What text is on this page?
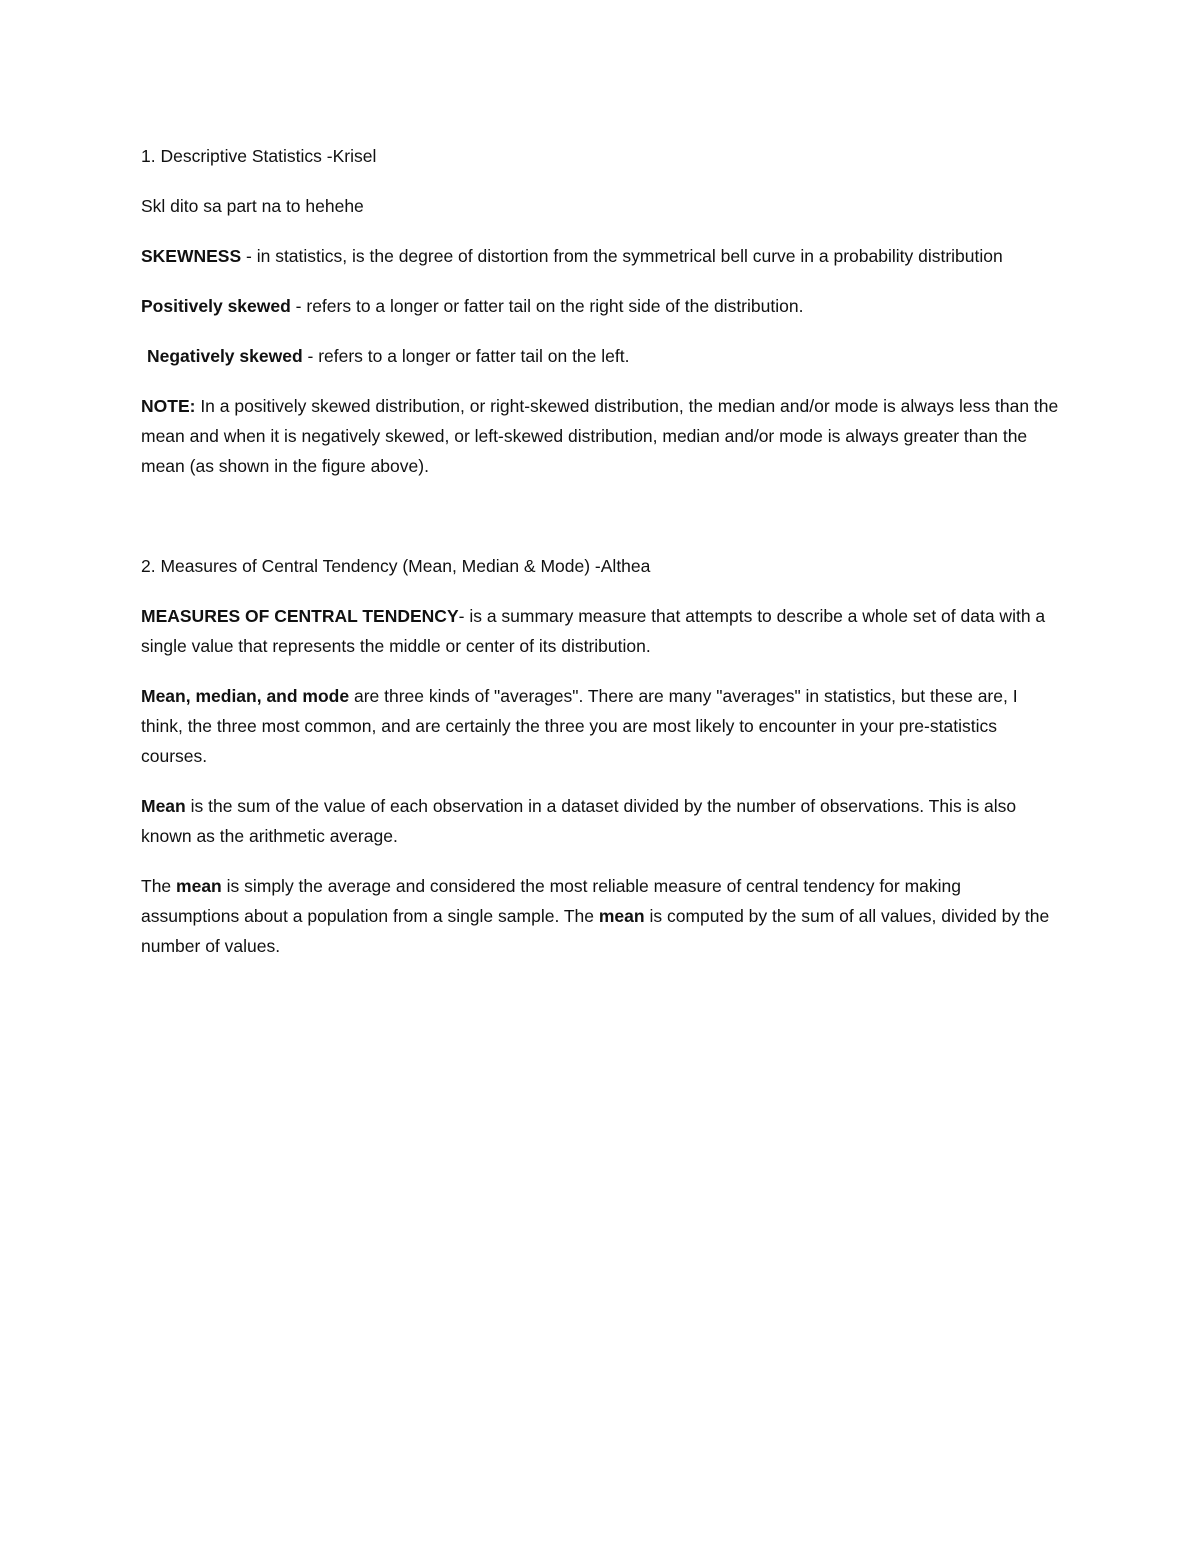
1. Descriptive Statistics -Krisel

Skl dito sa part na to hehehe

SKEWNESS - in statistics, is the degree of distortion from the symmetrical bell curve in a probability distribution

Positively skewed - refers to a longer or fatter tail on the right side of the distribution.

Negatively skewed - refers to a longer or fatter tail on the left.

NOTE: In a positively skewed distribution, or right-skewed distribution, the median and/or mode is always less than the mean and when it is negatively skewed, or left-skewed distribution, median and/or mode is always greater than the mean (as shown in the figure above).

2. Measures of Central Tendency (Mean, Median & Mode) -Althea

MEASURES OF CENTRAL TENDENCY- is a summary measure that attempts to describe a whole set of data with a single value that represents the middle or center of its distribution.

Mean, median, and mode are three kinds of "averages". There are many "averages" in statistics, but these are, I think, the three most common, and are certainly the three you are most likely to encounter in your pre-statistics courses.

Mean is the sum of the value of each observation in a dataset divided by the number of observations. This is also known as the arithmetic average.

The mean is simply the average and considered the most reliable measure of central tendency for making assumptions about a population from a single sample. The mean is computed by the sum of all values, divided by the number of values.
